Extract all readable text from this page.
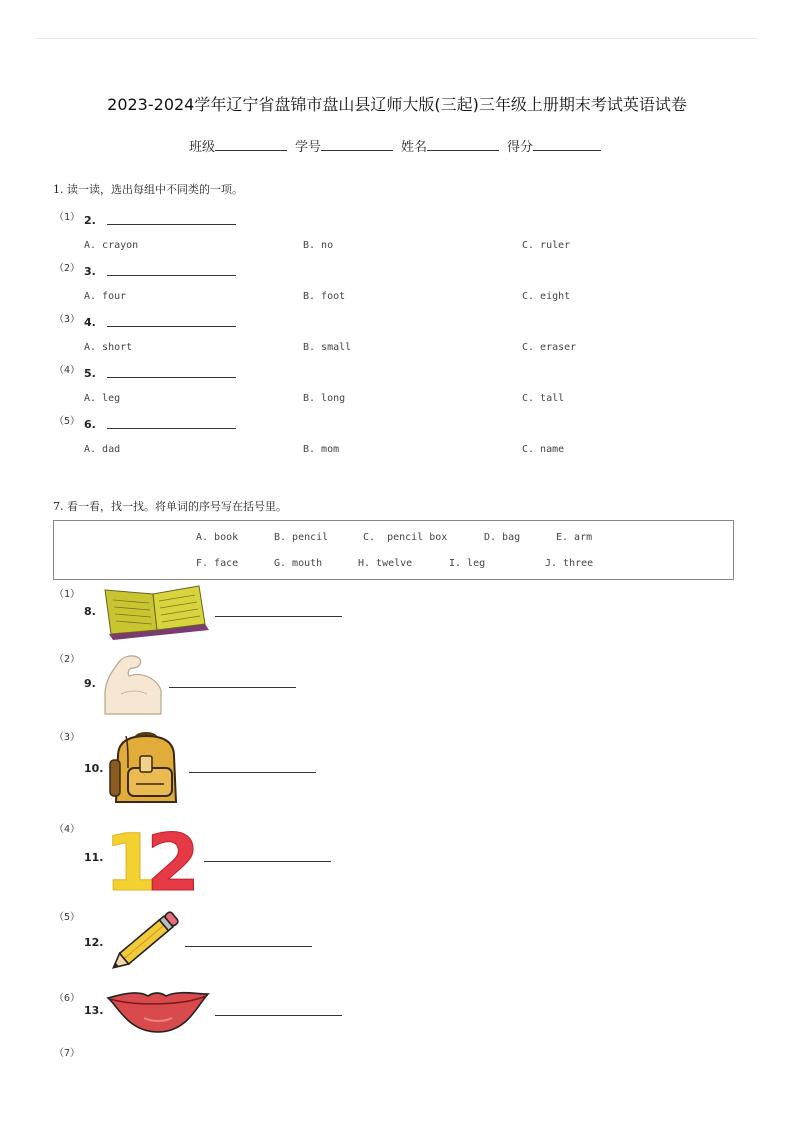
2023-2024学年辽宁省盘锦市盘山县辽师大版(三起)三年级上册期末考试英语试卷
班级	学号	姓名	得分
1. 读一读，选出每组中不同类的一项。
（1） 2.
A. crayon	B. no	C. ruler
（2） 3.
A. four	B. foot	C. eight
（3） 4.
A. short	B. small	C. eraser
（4） 5.
A. leg	B. long	C. tall
（5） 6.
A. dad	B. mom	C. name
7. 看一看，找一找。将单词的序号写在括号里。
A. book	B. pencil	C.  pencil box	D. bag	E. arm
F. face	G. mouth	H. twelve	I. leg	J. three
（1）
8.
（2）
9.
（3）
10.
（4）
11. 1
2
（5）
12.
（6）
13.
（7）
